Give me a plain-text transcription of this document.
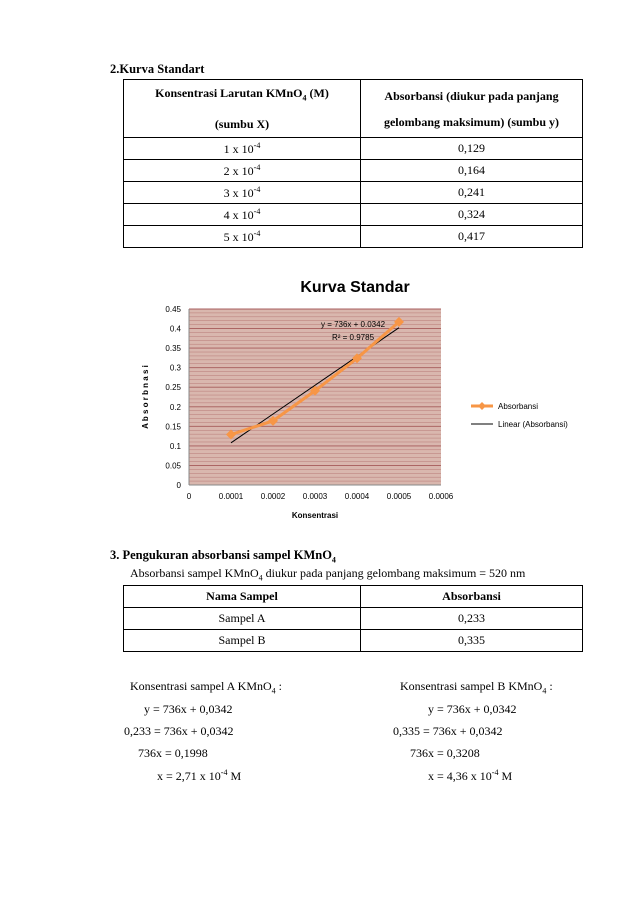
2.Kurva Standart
Konsentrasi Larutan KMnO$_4$ (M)
(sumbu X)	Absorbansi (diukur pada panjang
gelombang maksimum) (sumbu y)
1 x $10^{-4}$	0,129
2 x $10^{-4}$	0,164
3 x $10^{-4}$	0,241
4 x $10^{-4}$	0,324
5 x $10^{-4}$	0,417
Kurva Standar
0
0.05
0.1
0.15
0.2
0.25
0.3
0.35
0.4
0.45
0	0.0001 0.0002 0.0003 0.0004 0.0005 0.0006
y = 736x + 0.0342
R² = 0.9785
Konsentrasi
A b s o r b n a s i	Absorbansi
Linear (Absorbansi)
3. Pengukuran absorbansi sampel KMnO$_4$
Absorbansi sampel KMnO$_4$ diukur pada panjang gelombang maksimum = 520 nm
Nama Sampel	Absorbansi
Sampel A	0,233
Sampel B	0,335
Konsentrasi sampel A KMnO$_4$ :
y = 736x + 0,0342
0,233 = 736x + 0,0342
736x = 0,1998
x = 2,71 x $10^{-4}$ M
Konsentrasi sampel B KMnO$_4$ :
y = 736x + 0,0342
0,335 = 736x + 0,0342
736x = 0,3208
x = 4,36 x $10^{-4}$ M
